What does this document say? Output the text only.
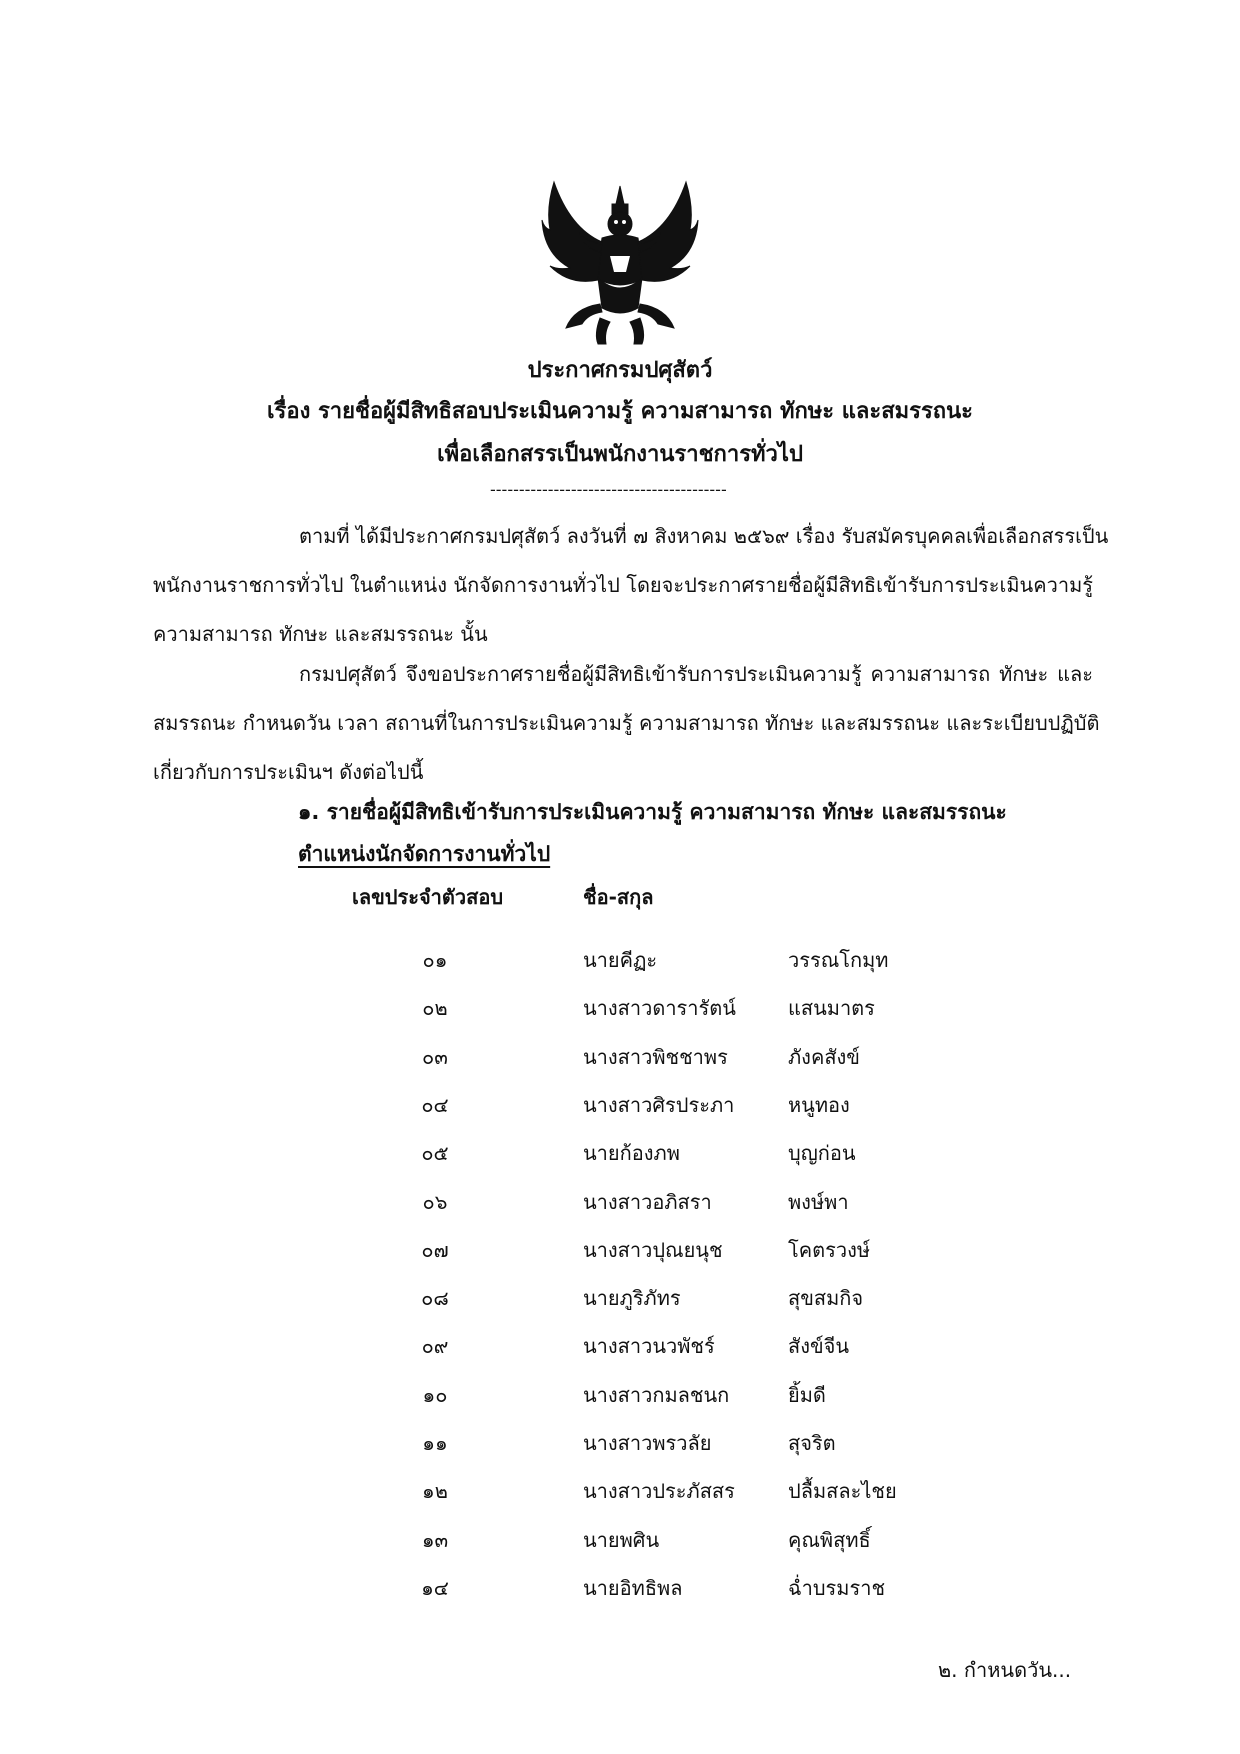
ประกาศกรมปศุสัตว์
เรื่อง รายชื่อผู้มีสิทธิสอบประเมินความรู้ ความสามารถ ทักษะ และสมรรถนะ
เพื่อเลือกสรรเป็นพนักงานราชการทั่วไป
-----------------------------------------
ตามที่ ได้มีประกาศกรมปศุสัตว์ ลงวันที่ ๗ สิงหาคม ๒๕๖๙ เรื่อง รับสมัครบุคคลเพื่อเลือกสรรเป็น
พนักงานราชการทั่วไป ในตำแหน่ง นักจัดการงานทั่วไป โดยจะประกาศรายชื่อผู้มีสิทธิเข้ารับการประเมินความรู้
ความสามารถ ทักษะ และสมรรถนะ นั้น
กรมปศุสัตว์ จึงขอประกาศรายชื่อผู้มีสิทธิเข้ารับการประเมินความรู้ ความสามารถ ทักษะ และ
สมรรถนะ กำหนดวัน เวลา สถานที่ในการประเมินความรู้ ความสามารถ ทักษะ และสมรรถนะ และระเบียบปฏิบัติ
เกี่ยวกับการประเมินฯ ดังต่อไปนี้
๑. รายชื่อผู้มีสิทธิเข้ารับการประเมินความรู้ ความสามารถ ทักษะ และสมรรถนะ
ตำแหน่งนักจัดการงานทั่วไป
เลขประจำตัวสอบ	ชื่อ-สกุล
๐๑	นายคีฏะ	วรรณโกมุท
๐๒	นางสาวดารารัตน์	แสนมาตร
๐๓	นางสาวพิชชาพร	ภังคสังข์
๐๔	นางสาวศิรประภา	หนูทอง
๐๕	นายก้องภพ	บุญก่อน
๐๖	นางสาวอภิสรา	พงษ์พา
๐๗	นางสาวปุณยนุช	โคตรวงษ์
๐๘	นายภูริภัทร	สุขสมกิจ
๐๙	นางสาวนวพัชร์	สังข์จีน
๑๐	นางสาวกมลชนก	ยิ้มดี
๑๑	นางสาวพรวลัย	สุจริต
๑๒	นางสาวประภัสสร	ปลื้มสละไชย
๑๓	นายพศิน	คุณพิสุทธิ์
๑๔	นายอิทธิพล	ฉ่ำบรมราช
๒. กำหนดวัน...
